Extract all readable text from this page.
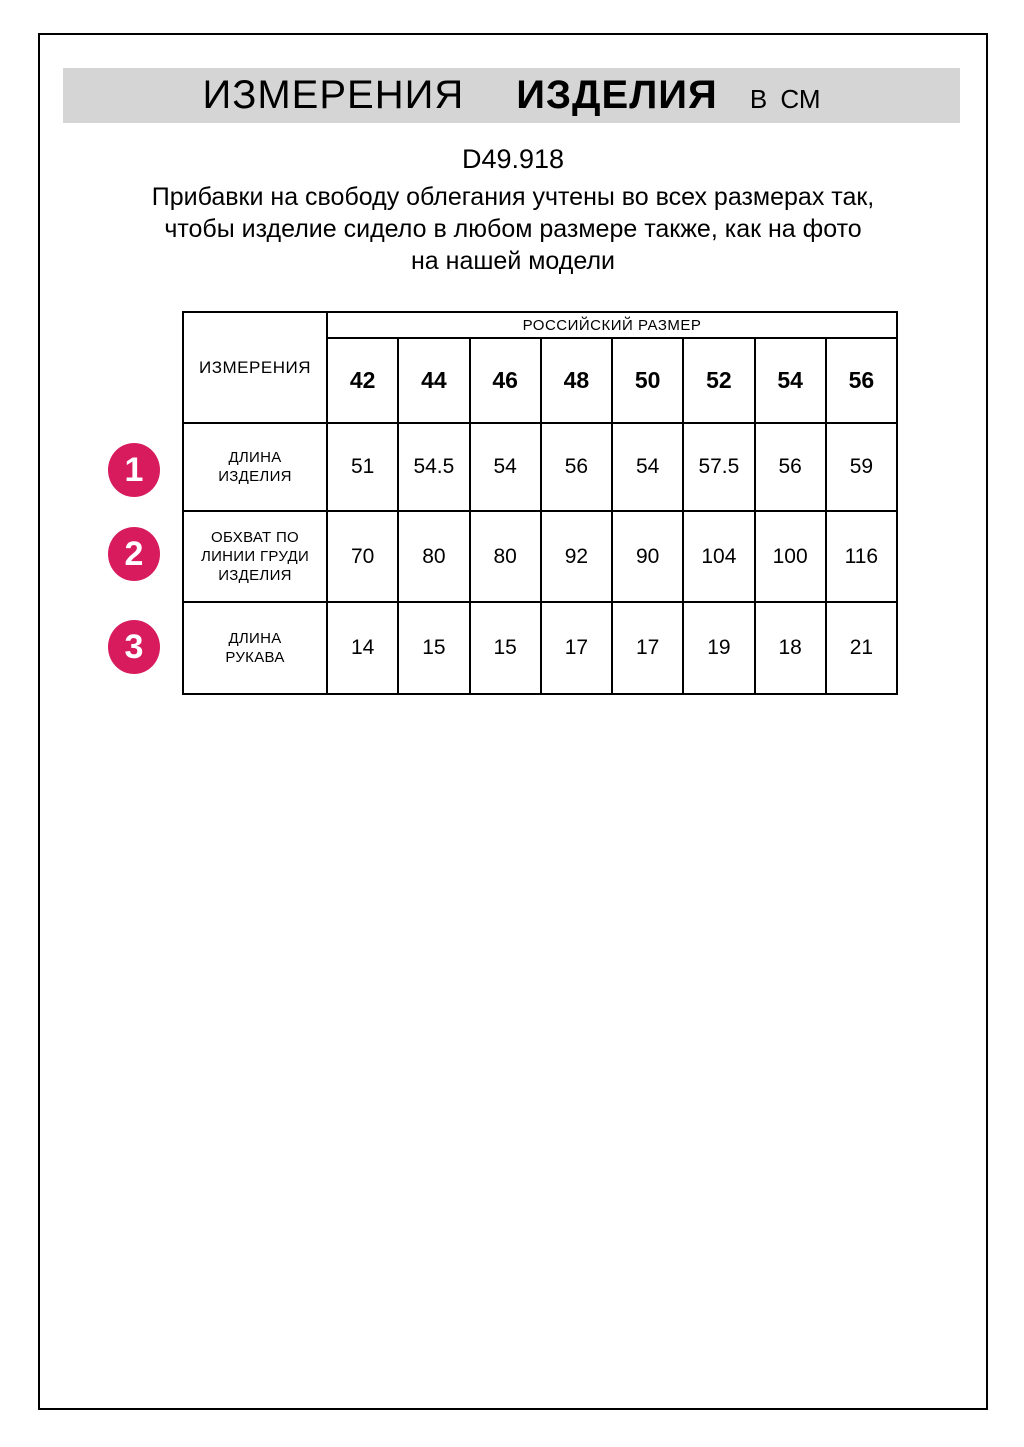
ИЗМЕРЕНИЯ ИЗДЕЛИЯ В СМ
D49.918
Прибавки на свободу облегания учтены во всех размерах так,
чтобы изделие сидело в любом размере также, как на фото
на нашей модели
1
2
3
ИЗМЕРЕНИЯ	РОССИЙСКИЙ РАЗМЕР							
	42	44	46	48	50	52	54	56
ДЛИНА ИЗДЕЛИЯ	51	54.5	54	56	54	57.5	56	59
ОБХВАТ ПО ЛИНИИ ГРУДИ ИЗДЕЛИЯ	70	80	80	92	90	104	100	116
ДЛИНА РУКАВА	14	15	15	17	17	19	18	21
